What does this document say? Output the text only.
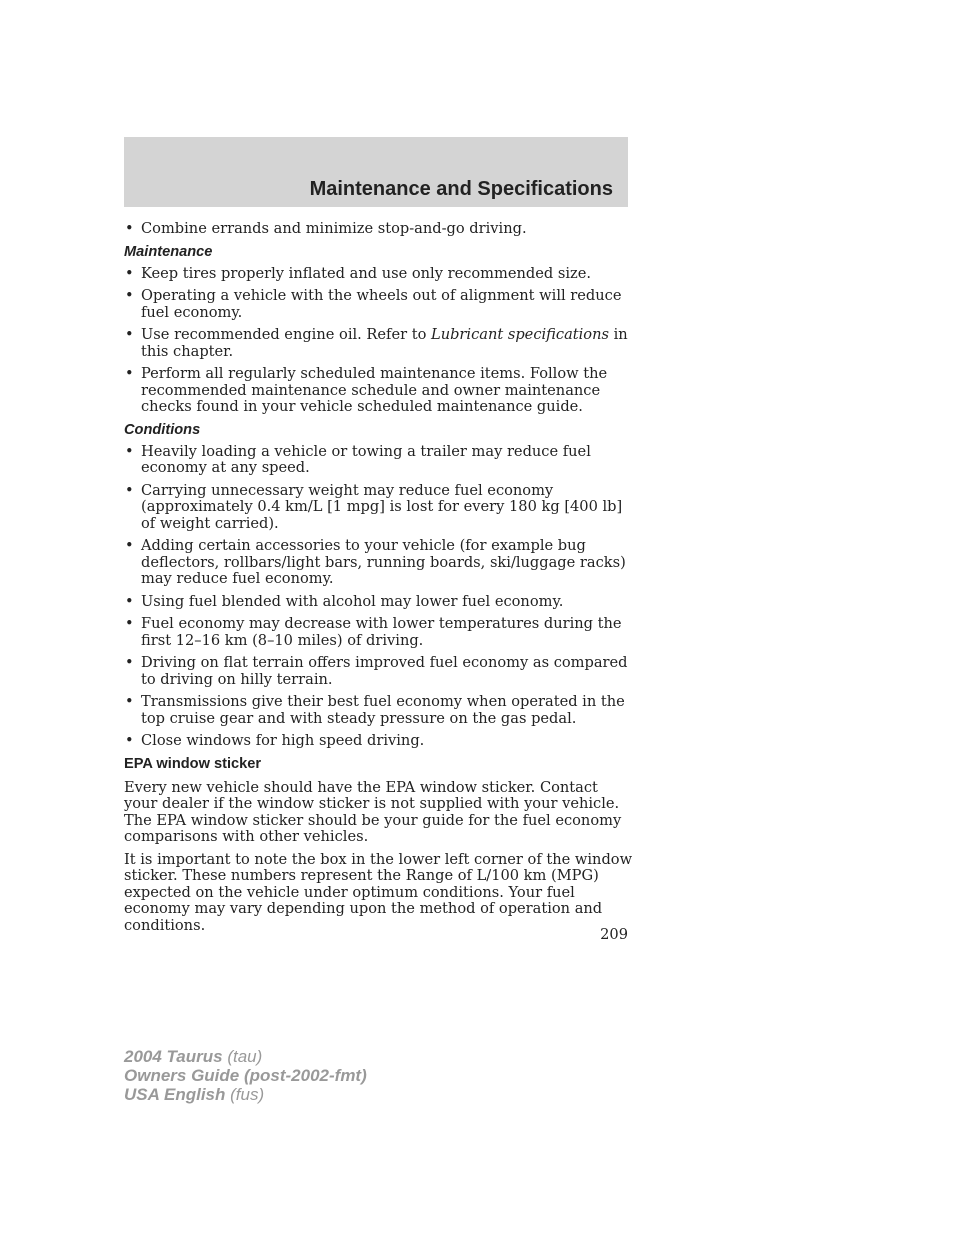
Maintenance and Specifications
• Combine errands and minimize stop-and-go driving.
Maintenance
• Keep tires properly inflated and use only recommended size.
• Operating a vehicle with the wheels out of alignment will reduce fuel economy.
• Use recommended engine oil. Refer to Lubricant specifications in this chapter.
• Perform all regularly scheduled maintenance items. Follow the recommended maintenance schedule and owner maintenance checks found in your vehicle scheduled maintenance guide.
Conditions
• Heavily loading a vehicle or towing a trailer may reduce fuel economy at any speed.
• Carrying unnecessary weight may reduce fuel economy (approximately 0.4 km/L [1 mpg] is lost for every 180 kg [400 lb] of weight carried).
• Adding certain accessories to your vehicle (for example bug deflectors, rollbars/light bars, running boards, ski/luggage racks) may reduce fuel economy.
• Using fuel blended with alcohol may lower fuel economy.
• Fuel economy may decrease with lower temperatures during the first 12–16 km (8–10 miles) of driving.
• Driving on flat terrain offers improved fuel economy as compared to driving on hilly terrain.
• Transmissions give their best fuel economy when operated in the top cruise gear and with steady pressure on the gas pedal.
• Close windows for high speed driving.
EPA window sticker

Every new vehicle should have the EPA window sticker. Contact your dealer if the window sticker is not supplied with your vehicle. The EPA window sticker should be your guide for the fuel economy comparisons with other vehicles.

It is important to note the box in the lower left corner of the window sticker. These numbers represent the Range of L/100 km (MPG) expected on the vehicle under optimum conditions. Your fuel economy may vary depending upon the method of operation and conditions.

209
2004 Taurus (tau)
Owners Guide (post-2002-fmt)
USA English (fus)
